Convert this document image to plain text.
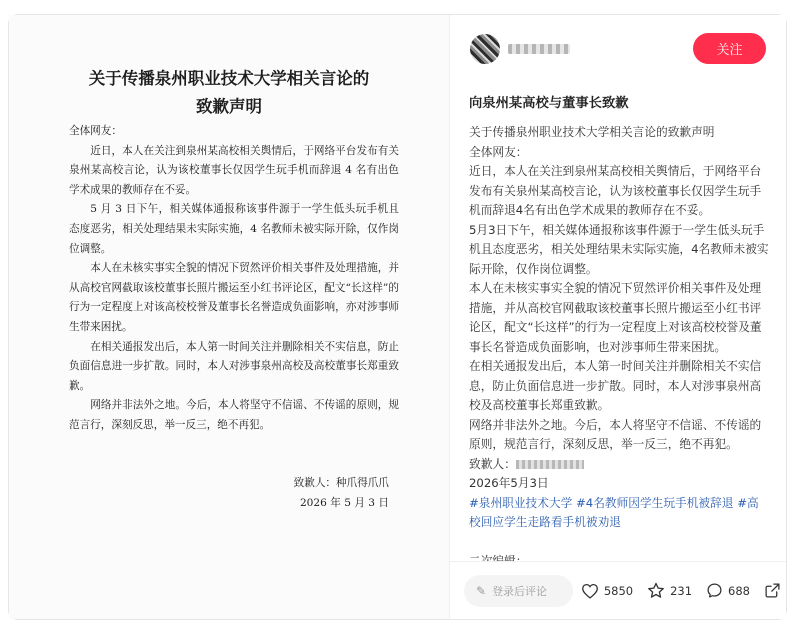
关于传播泉州职业技术大学相关言论的
致歉声明

全体网友：

近日，本人在关注到泉州某高校相关舆情后，于网络平台发布有关泉州某高校言论，认为该校董事长仅因学生玩手机而辞退 4 名有出色学术成果的教师存在不妥。

5 月 3 日下午，相关媒体通报称该事件源于一学生低头玩手机且态度恶劣，相关处理结果未实际实施，4 名教师未被实际开除，仅作岗位调整。

本人在未核实事实全貌的情况下贸然评价相关事件及处理措施，并从高校官网截取该校董事长照片搬运至小红书评论区，配文“长这样”的行为一定程度上对该高校校誉及董事长名誉造成负面影响，亦对涉事师生带来困扰。

在相关通报发出后，本人第一时间关注并删除相关不实信息，防止负面信息进一步扩散。同时，本人对涉事泉州高校及高校董事长郑重致歉。

网络并非法外之地。今后，本人将坚守不信谣、不传谣的原则，规范言行，深刻反思，举一反三，绝不再犯。

致歉人：种爪得爪爪
2026 年 5 月 3 日
关注
向泉州某高校与董事长致歉

关于传播泉州职业技术大学相关言论的致歉声明

全体网友：

近日，本人在关注到泉州某高校相关舆情后，于网络平台发布有关泉州某高校言论，认为该校董事长仅因学生玩手机而辞退4名有出色学术成果的教师存在不妥。

5月3日下午，相关媒体通报称该事件源于一学生低头玩手机且态度恶劣，相关处理结果未实际实施，4名教师未被实际开除，仅作岗位调整。

本人在未核实事实全貌的情况下贸然评价相关事件及处理措施，并从高校官网截取该校董事长照片搬运至小红书评论区，配文“长这样”的行为一定程度上对该高校校誉及董事长名誉造成负面影响，也对涉事师生带来困扰。

在相关通报发出后，本人第一时间关注并删除相关不实信息，防止负面信息进一步扩散。同时，本人对涉事泉州高校及高校董事长郑重致歉。

网络并非法外之地。今后，本人将坚守不信谣、不传谣的原则，规范言行，深刻反思，举一反三，绝不再犯。

致歉人：

2026年5月3日

#泉州职业技术大学 #4名教师因学生玩手机被辞退 #高校回应学生走路看手机被劝退

✎ 登录后评论	5850	231	688
